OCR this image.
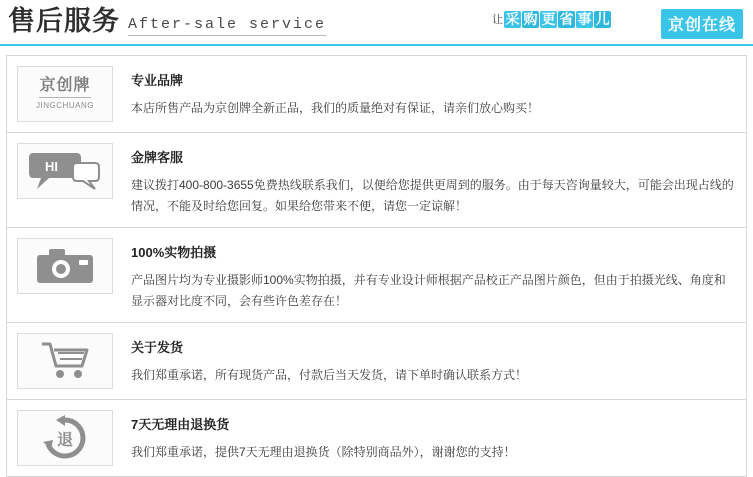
售后服务 After-sale service	让 采 购 更 省 事 儿	京创在线
京创牌
JINGCHUANG
专业品牌
本店所售产品为京创牌全新正品，我们的质量绝对有保证，请亲们放心购买！
HI
金牌客服
建议拨打400-800-3655免费热线联系我们，以便给您提供更周到的服务。由于每天咨询量较大，可能会出现占线的情况，不能及时给您回复。如果给您带来不便，请您一定谅解！
100%实物拍摄
产品图片均为专业摄影师100%实物拍摄，并有专业设计师根据产品校正产品图片颜色，但由于拍摄光线、角度和显示器对比度不同，会有些许色差存在！
关于发货
我们郑重承诺，所有现货产品，付款后当天发货，请下单时确认联系方式！
退
7天无理由退换货
我们郑重承诺，提供7天无理由退换货（除特别商品外），谢谢您的支持！
